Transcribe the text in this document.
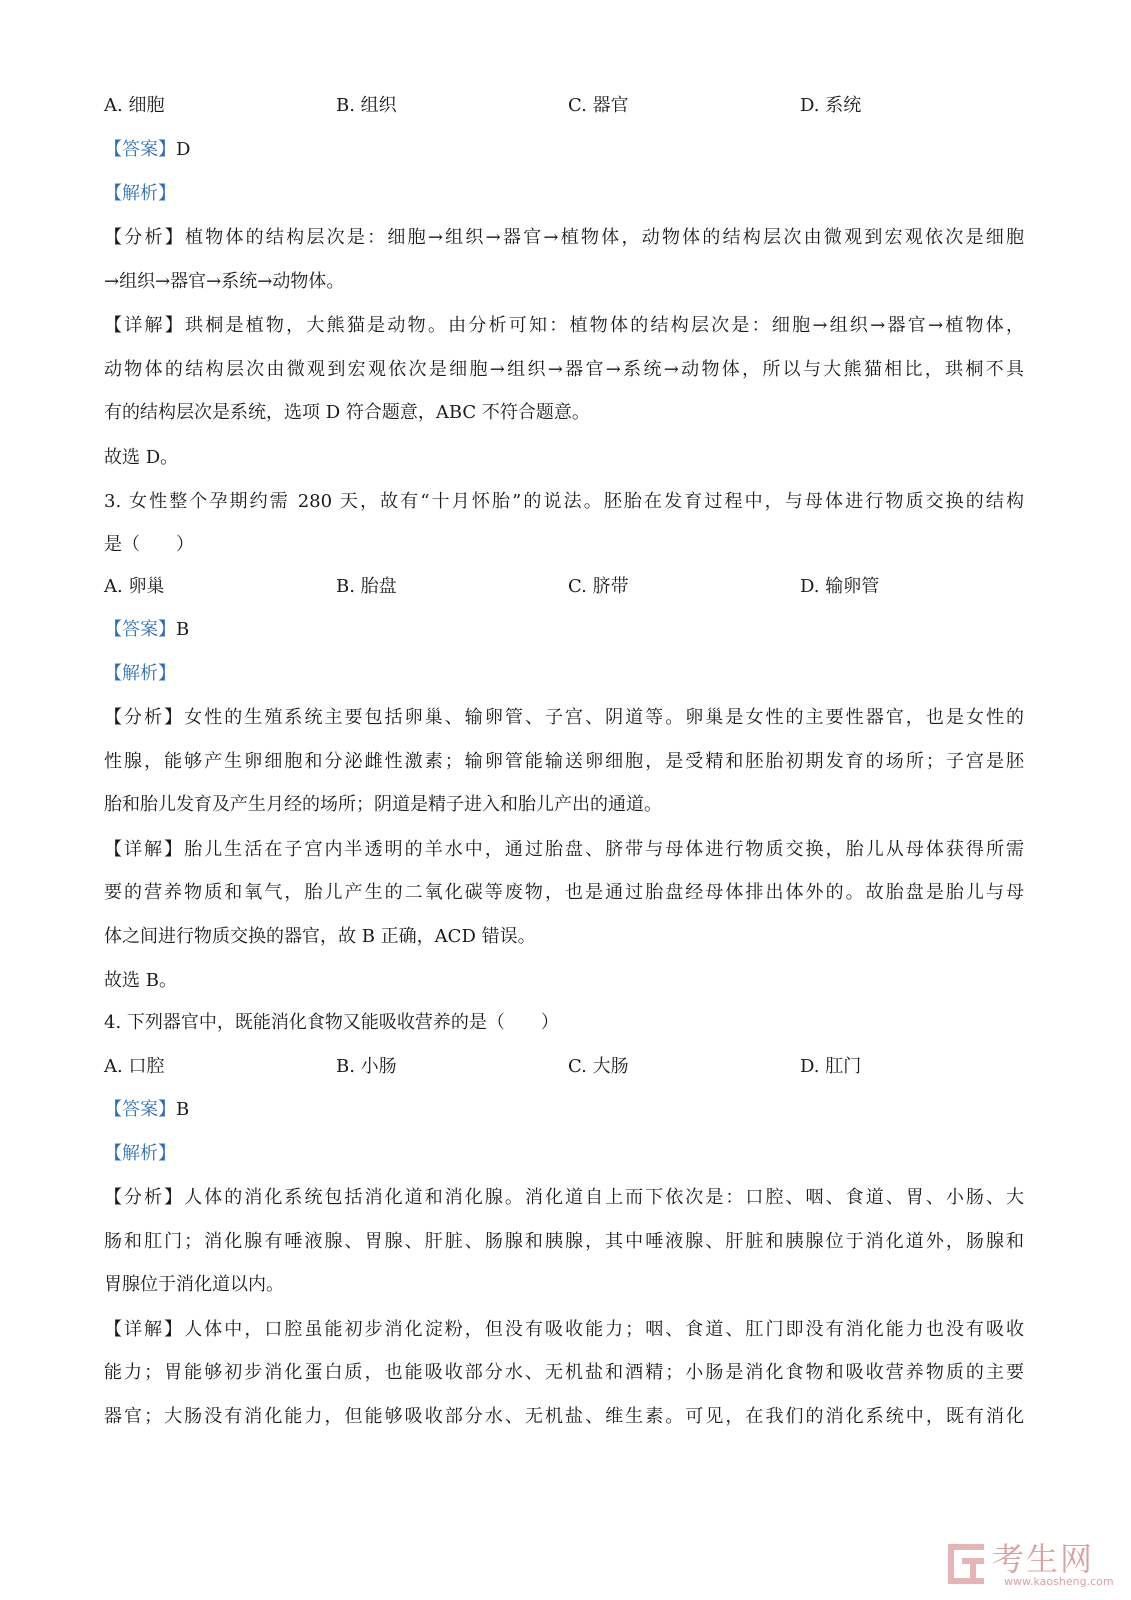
A. 细胞	B. 组织	C. 器官	D. 系统
【答案】D
【解析】
【分析】植物体的结构层次是：细胞→组织→器官→植物体，动物体的结构层次由微观到宏观依次是细胞
→组织→器官→系统→动物体。
【详解】珙桐是植物，大熊猫是动物。由分析可知：植物体的结构层次是：细胞→组织→器官→植物体，
动物体的结构层次由微观到宏观依次是细胞→组织→器官→系统→动物体，所以与大熊猫相比，珙桐不具
有的结构层次是系统，选项 D 符合题意，ABC 不符合题意。
故选 D。
3. 女性整个孕期约需 280 天，故有“十月怀胎”的说法。胚胎在发育过程中，与母体进行物质交换的结构
是（　　）
A. 卵巢	B. 胎盘	C. 脐带	D. 输卵管
【答案】B
【解析】
【分析】女性的生殖系统主要包括卵巢、输卵管、子宫、阴道等。卵巢是女性的主要性器官，也是女性的
性腺，能够产生卵细胞和分泌雌性激素；输卵管能输送卵细胞，是受精和胚胎初期发育的场所；子宫是胚
胎和胎儿发育及产生月经的场所；阴道是精子进入和胎儿产出的通道。
【详解】胎儿生活在子宫内半透明的羊水中，通过胎盘、脐带与母体进行物质交换，胎儿从母体获得所需
要的营养物质和氧气，胎儿产生的二氧化碳等废物，也是通过胎盘经母体排出体外的。故胎盘是胎儿与母
体之间进行物质交换的器官，故 B 正确，ACD 错误。
故选 B。
4. 下列器官中，既能消化食物又能吸收营养的是（　　）
A. 口腔	B. 小肠	C. 大肠	D. 肛门
【答案】B
【解析】
【分析】人体的消化系统包括消化道和消化腺。消化道自上而下依次是：口腔、咽、食道、胃、小肠、大
肠和肛门；消化腺有唾液腺、胃腺、肝脏、肠腺和胰腺，其中唾液腺、肝脏和胰腺位于消化道外，肠腺和
胃腺位于消化道以内。
【详解】人体中，口腔虽能初步消化淀粉，但没有吸收能力；咽、食道、肛门即没有消化能力也没有吸收
能力；胃能够初步消化蛋白质，也能吸收部分水、无机盐和酒精；小肠是消化食物和吸收营养物质的主要
器官；大肠没有消化能力，但能够吸收部分水、无机盐、维生素。可见，在我们的消化系统中，既有消化
考生网
www.kaosheng.com
